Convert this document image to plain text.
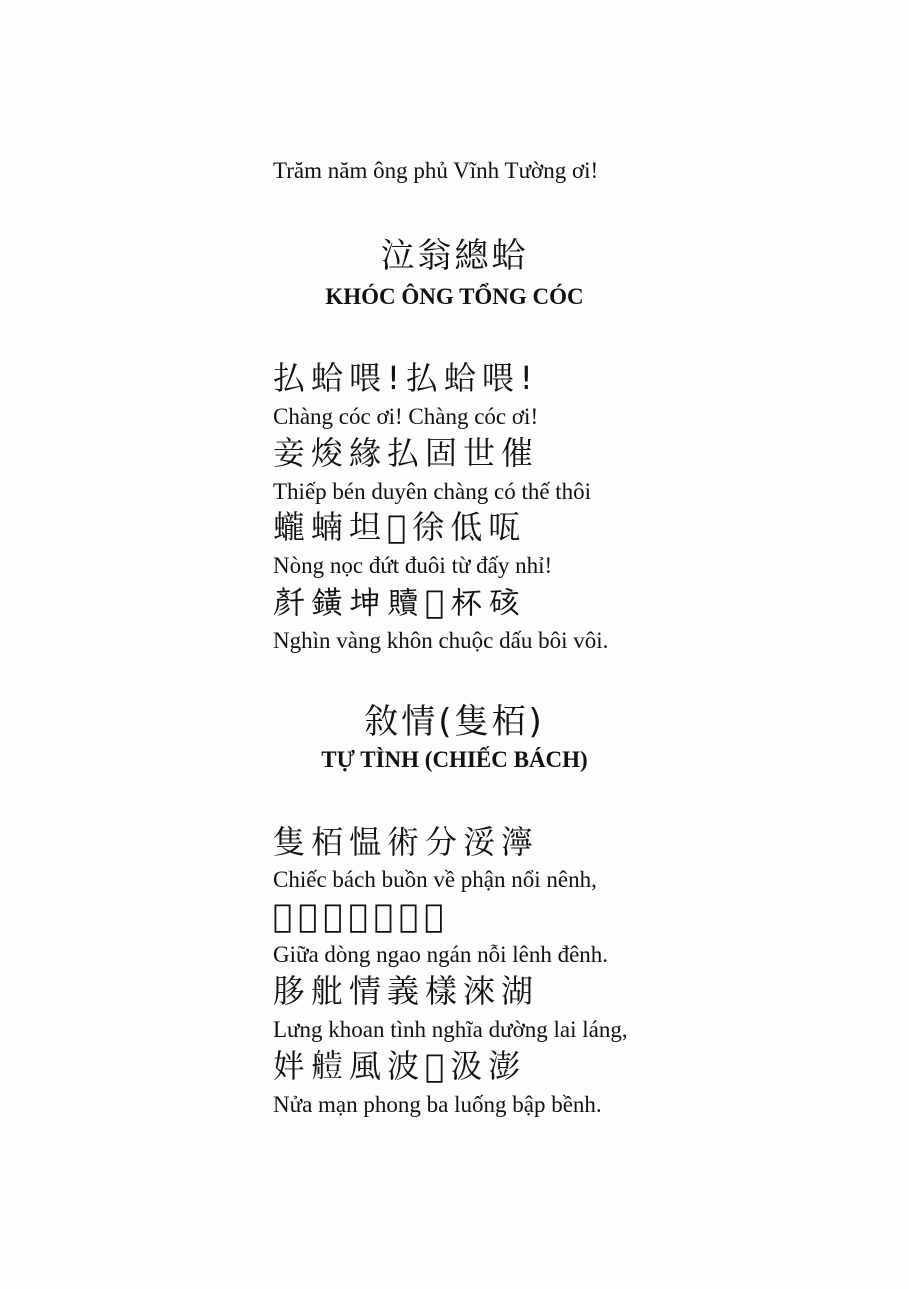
Trăm năm ông phủ Vĩnh Tường ơi!
泣翁總蛤
KHÓC ÔNG TỔNG CÓC
払蛤喂!払蛤喂!
Chàng cóc ơi! Chàng cóc ơi!
妾焌緣払固世催
Thiếp bén duyên chàng có thế thôi
蠬蝻坦𩬈徐低咓
Nòng nọc đứt đuôi từ đấy nhỉ!
𠦳鐄坤贖𠱄杯硋
Nghìn vàng khôn chuộc dấu bôi vôi.
敘情(隻栢)
TỰ TÌNH (CHIẾC BÁCH)
隻栢愠術分浽濘
Chiếc bách buồn về phận nổi nênh,
𠁑溶敖啈餒冷汀
Giữa dòng ngao ngán nỗi lênh đênh.
䏧舭情義樣淶湖
Lưng khoan tình nghĩa dường lai láng,
姅𦪍風波𡀡汲澎
Nửa mạn phong ba luống bập bềnh.
